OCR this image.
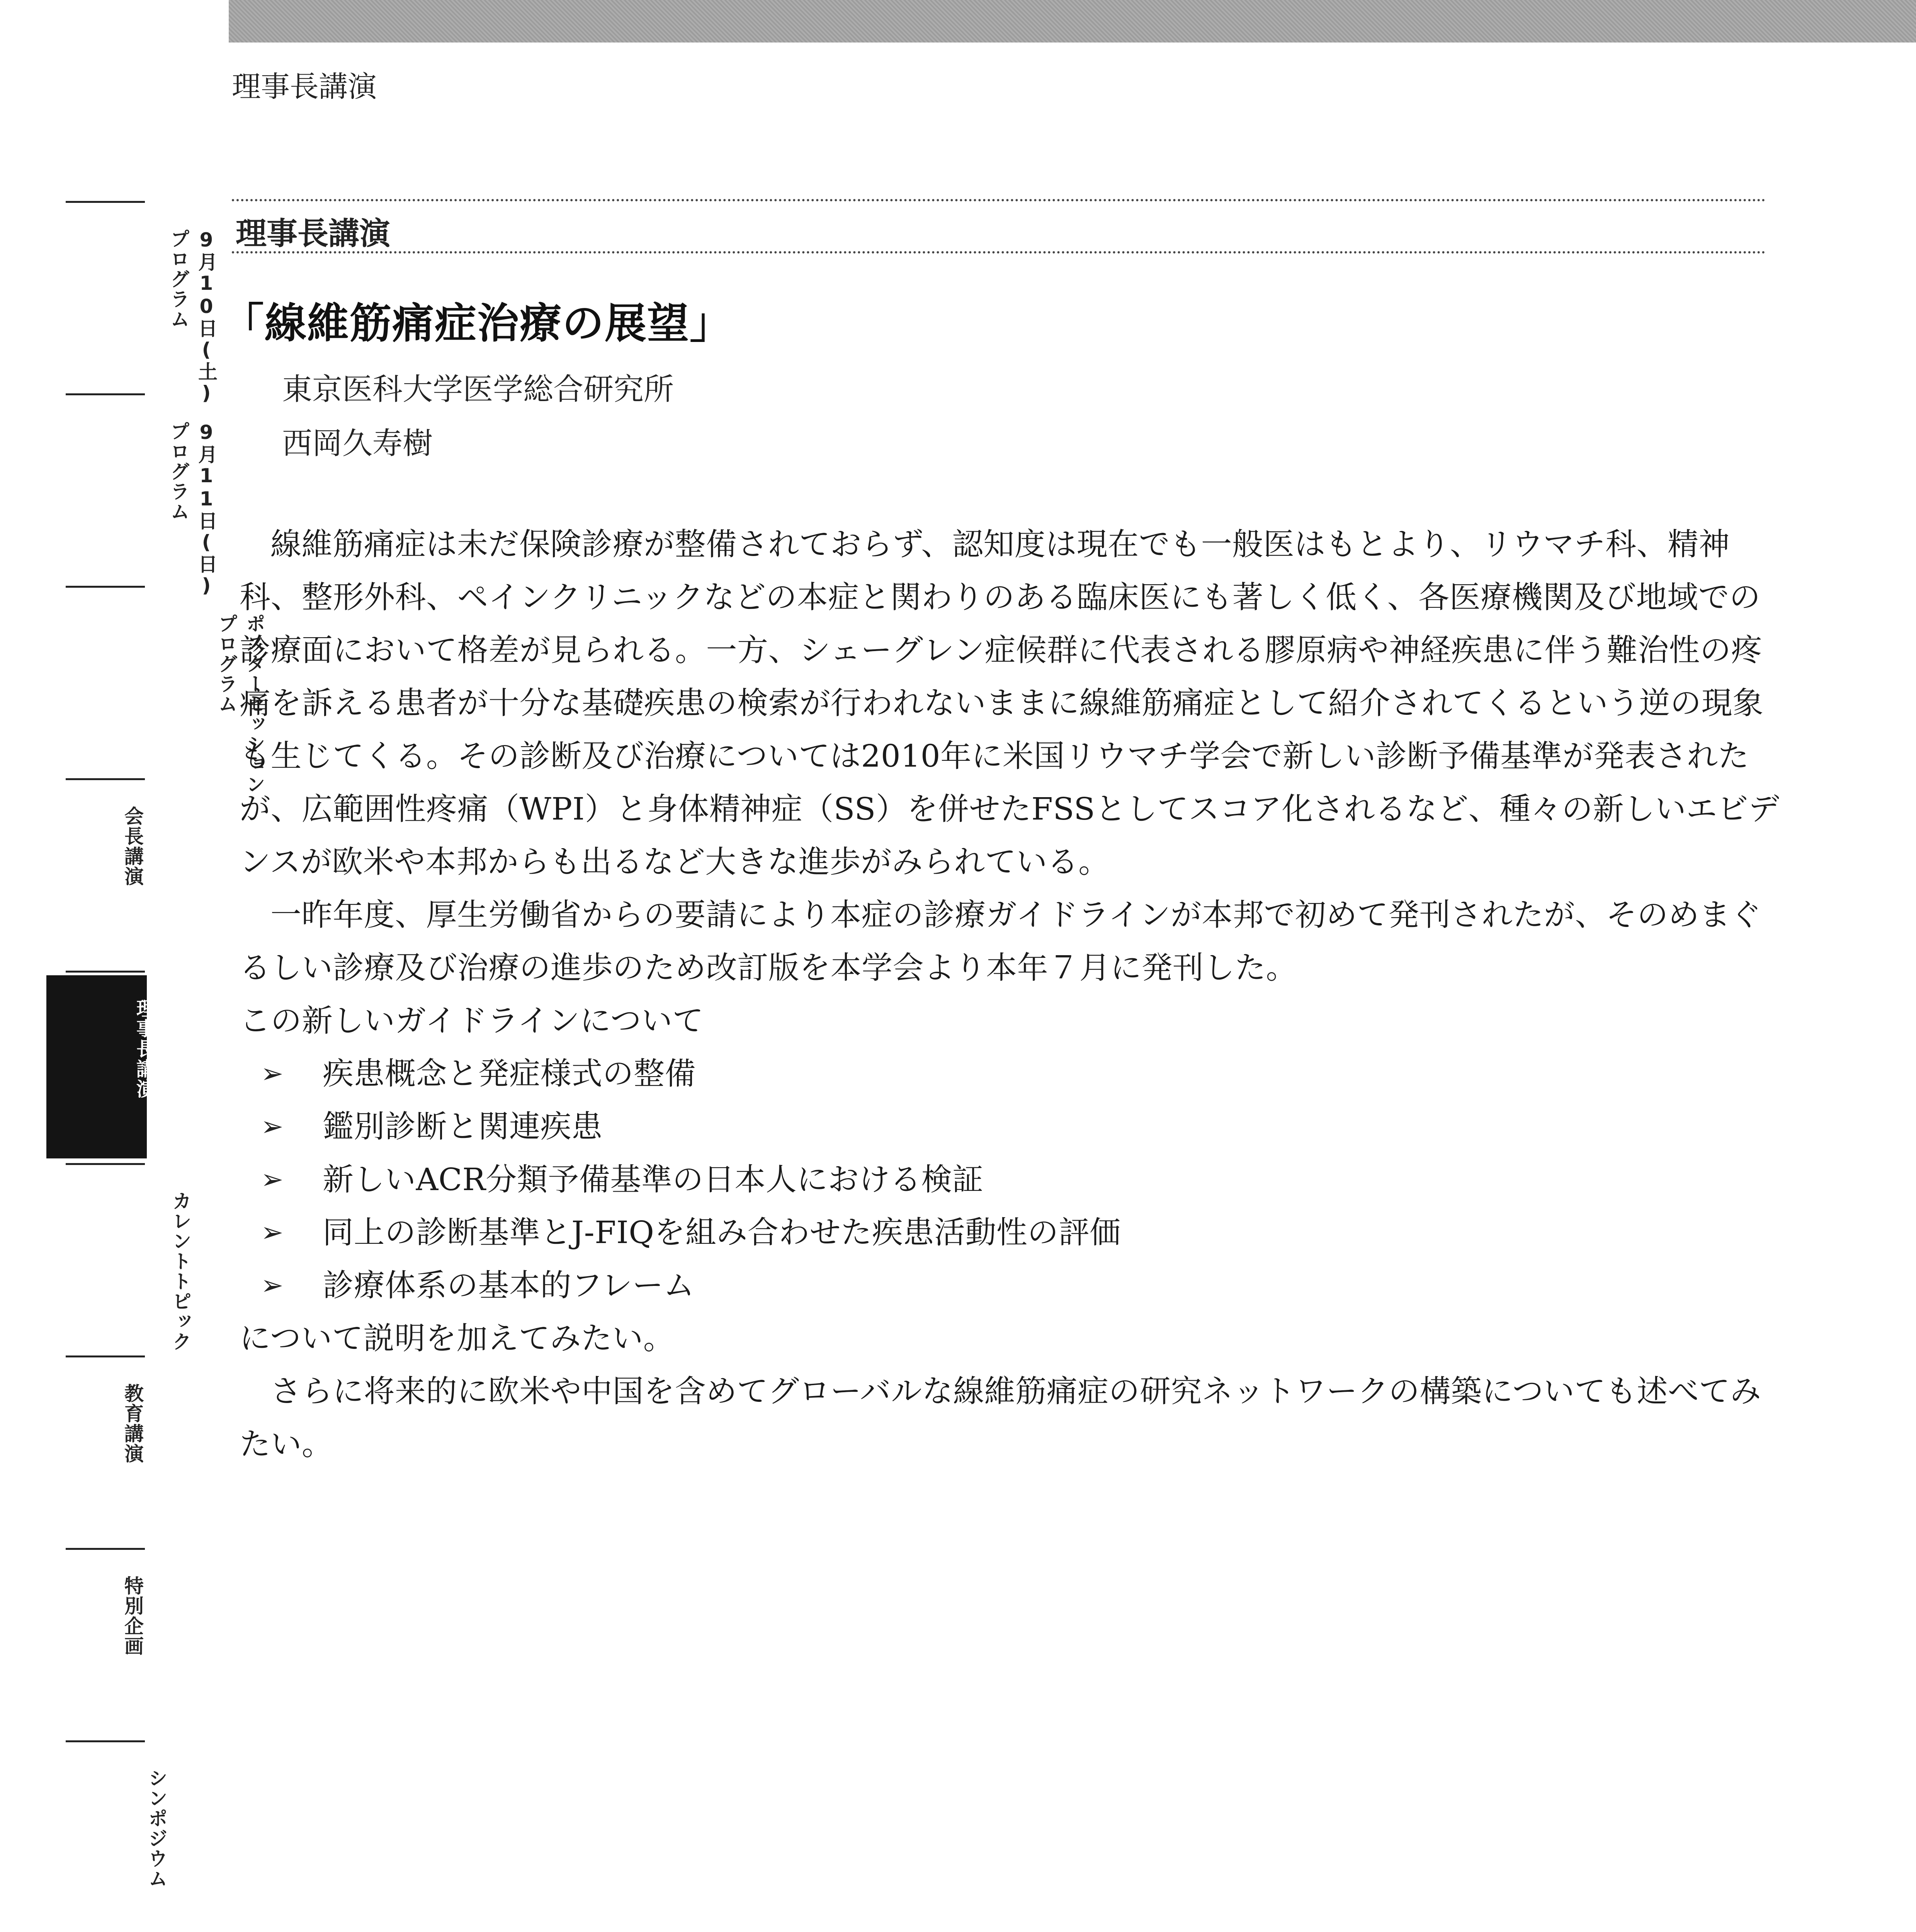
理事長講演
9月10日(土)
プログラム
9月11日(日)
プログラム
ポスターセッション
プログラム
会長講演
理事長講演
カレントトピック
教育講演
特別企画
シンポジウム
理事長講演
「線維筋痛症治療の展望」
東京医科大学医学総合研究所
西岡久寿樹

線維筋痛症は未だ保険診療が整備されておらず、認知度は現在でも一般医はもとより、リウマチ科、精神科、整形外科、ペインクリニックなどの本症と関わりのある臨床医にも著しく低く、各医療機関及び地域での診療面において格差が見られる。一方、シェーグレン症候群に代表される膠原病や神経疾患に伴う難治性の疼痛を訴える患者が十分な基礎疾患の検索が行われないままに線維筋痛症として紹介されてくるという逆の現象も生じてくる。その診断及び治療については2010年に米国リウマチ学会で新しい診断予備基準が発表されたが、広範囲性疼痛（WPI）と身体精神症（SS）を併せたFSSとしてスコア化されるなど、種々の新しいエビデンスが欧米や本邦からも出るなど大きな進歩がみられている。

一昨年度、厚生労働省からの要請により本症の診療ガイドラインが本邦で初めて発刊されたが、そのめまぐるしい診療及び治療の進歩のため改訂版を本学会より本年７月に発刊した。

この新しいガイドラインについて

➢	疾患概念と発症様式の整備
➢	鑑別診断と関連疾患
➢	新しいACR分類予備基準の日本人における検証
➢	同上の診断基準とJ-FIQを組み合わせた疾患活動性の評価
➢	診療体系の基本的フレーム

について説明を加えてみたい。

さらに将来的に欧米や中国を含めてグローバルな線維筋痛症の研究ネットワークの構築についても述べてみたい。
